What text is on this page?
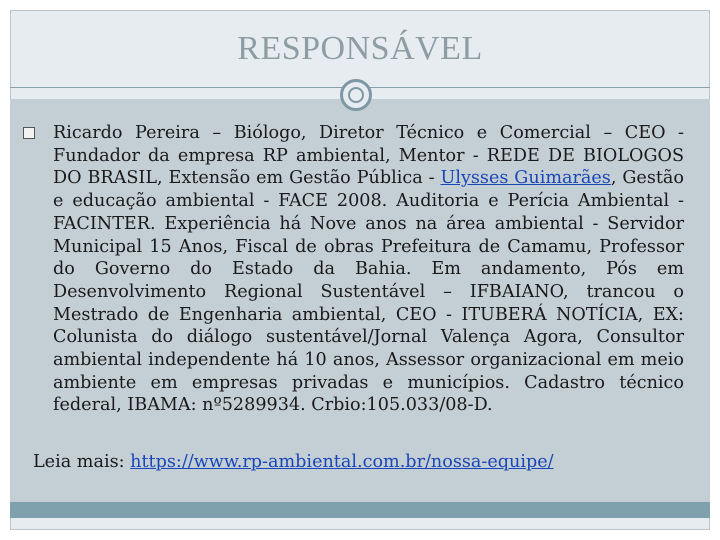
RESPONSÁVEL
Ricardo Pereira – Biólogo, Diretor Técnico e Comercial – CEO - Fundador da empresa RP ambiental, Mentor - REDE DE BIOLOGOS DO BRASIL, Extensão em Gestão Pública - Ulysses Guimarães, Gestão e educação ambiental - FACE 2008. Auditoria e Perícia Ambiental - FACINTER. Experiência há Nove anos na área ambiental - Servidor Municipal 15 Anos, Fiscal de obras Prefeitura de Camamu, Professor do Governo do Estado da Bahia. Em andamento, Pós em Desenvolvimento Regional Sustentável – IFBAIANO, trancou o Mestrado de Engenharia ambiental, CEO - ITUBERÁ NOTÍCIA, EX: Colunista do diálogo sustentável/Jornal Valença Agora, Consultor ambiental independente há 10 anos, Assessor organizacional em meio ambiente em empresas privadas e municípios. Cadastro técnico federal, IBAMA: nº5289934. Crbio:105.033/08-D.
Leia mais: https://www.rp-ambiental.com.br/nossa-equipe/
